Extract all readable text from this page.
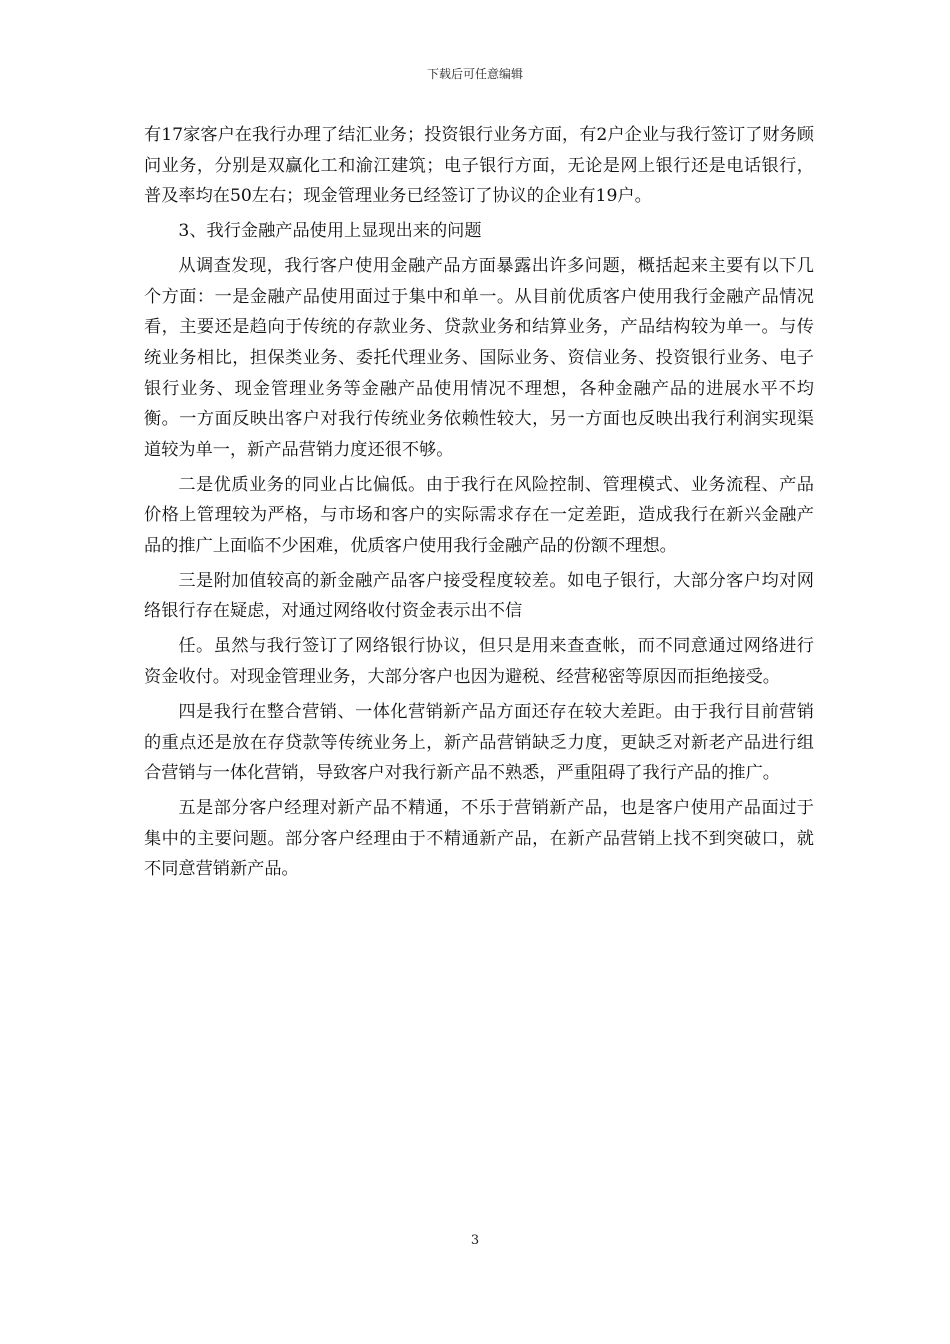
下载后可任意编辑

有17家客户在我行办理了结汇业务；投资银行业务方面，有2户企业与我行签订了财务顾问业务，分别是双赢化工和渝江建筑；电子银行方面，无论是网上银行还是电话银行，普及率均在50左右；现金管理业务已经签订了协议的企业有19户。

3、我行金融产品使用上显现出来的问题

从调查发现，我行客户使用金融产品方面暴露出许多问题，概括起来主要有以下几个方面：一是金融产品使用面过于集中和单一。从目前优质客户使用我行金融产品情况看，主要还是趋向于传统的存款业务、贷款业务和结算业务，产品结构较为单一。与传统业务相比，担保类业务、委托代理业务、国际业务、资信业务、投资银行业务、电子银行业务、现金管理业务等金融产品使用情况不理想，各种金融产品的进展水平不均衡。一方面反映出客户对我行传统业务依赖性较大，另一方面也反映出我行利润实现渠道较为单一，新产品营销力度还很不够。

二是优质业务的同业占比偏低。由于我行在风险控制、管理模式、业务流程、产品价格上管理较为严格，与市场和客户的实际需求存在一定差距，造成我行在新兴金融产品的推广上面临不少困难，优质客户使用我行金融产品的份额不理想。

三是附加值较高的新金融产品客户接受程度较差。如电子银行，大部分客户均对网络银行存在疑虑，对通过网络收付资金表示出不信

任。虽然与我行签订了网络银行协议，但只是用来查查帐，而不同意通过网络进行资金收付。对现金管理业务，大部分客户也因为避税、经营秘密等原因而拒绝接受。

四是我行在整合营销、一体化营销新产品方面还存在较大差距。由于我行目前营销的重点还是放在存贷款等传统业务上，新产品营销缺乏力度，更缺乏对新老产品进行组合营销与一体化营销，导致客户对我行新产品不熟悉，严重阻碍了我行产品的推广。

五是部分客户经理对新产品不精通，不乐于营销新产品，也是客户使用产品面过于集中的主要问题。部分客户经理由于不精通新产品，在新产品营销上找不到突破口，就不同意营销新产品。

3
